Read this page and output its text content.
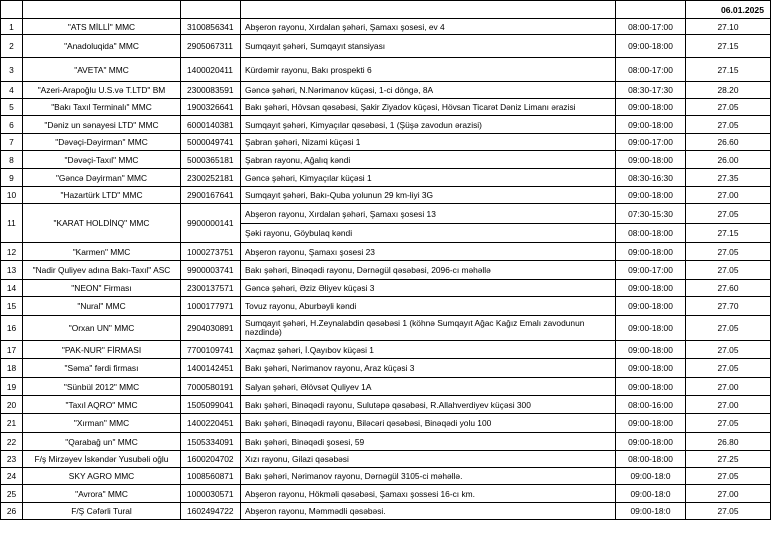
					06.01.2025
1	"ATS MİLLİ" MMC	3100856341	Abşeron rayonu, Xırdalan şəhəri, Şamaxı şosesi, ev 4	08:00-17:00	27.10
2	"Anadoluqida" MMC	2905067311	Sumqayıt şəhəri, Sumqayıt stansiyası	09:00-18:00	27.15
3	"AVETA" MMC	1400020411	Kürdəmir rayonu, Bakı prospekti 6	08:00-17:00	27.15
4	"Azeri-Arapoğlu U.S.və T.LTD" BM	2300083591	Gəncə şəhəri, N.Nərimanov küçəsi, 1-ci döngə, 8A	08:30-17:30	28.20
5	"Bakı Taxıl Terminalı" MMC	1900326641	Bakı şəhəri, Hövsan qəsəbəsi, Şakir Ziyadov küçəsi, Hövsan Ticarət Dəniz Limanı ərazisi	09:00-18:00	27.05
6	"Dəniz un sənayesi LTD" MMC	6000140381	Sumqayıt şəhəri, Kimyaçılar qəsəbəsi, 1 (Şüşə zavodun ərazisi)	09:00-18:00	27.05
7	"Dəvəçi-Dəyirman" MMC	5000049741	Şabran şəhəri, Nizami küçəsi 1	09:00-17:00	26.60
8	"Dəvəçi-Taxıl" MMC	5000365181	Şabran rayonu, Ağalıq kəndi	09:00-18:00	26.00
9	"Gəncə Dəyirman" MMC	2300252181	Gəncə şəhəri, Kimyaçılar küçəsi 1	08:30-16:30	27.35
10	"Hazartürk LTD" MMC	2900167641	Sumqayıt şəhəri, Bakı-Quba yolunun 29 km-liyi 3G	09:00-18:00	27.00
11	"KARAT HOLDİNQ" MMC	9900000141	Abşeron rayonu, Xırdalan şəhəri, Şamaxı şosesi 13	07:30-15:30	27.05
			Şəki rayonu, Göybulaq kəndi	08:00-18:00	27.15
12	"Karmen" MMC	1000273751	Abşeron rayonu, Şamaxı şosesi 23	09:00-18:00	27.05
13	"Nadir Quliyev adına Bakı-Taxıl" ASC	9900003741	Bakı şəhəri, Binəqədi rayonu, Dərnəgül qəsəbəsi, 2096-cı məhəllə	09:00-17:00	27.05
14	"NEON" Firması	2300137571	Gəncə şəhəri, Əziz Əliyev küçəsi 3	09:00-18:00	27.60
15	"Nural" MMC	1000177971	Tovuz rayonu, Aburbəyli kəndi	09:00-18:00	27.70
16	"Orxan UN" MMC	2904030891	Sumqayıt şəhəri, H.Zeynalabdin qəsəbəsi 1 (köhnə Sumqayıt Ağac Kağız Emalı zavodunun nəzdində)	09:00-18:00	27.05
17	"PAK-NUR" FİRMASI	7700109741	Xaçmaz şəhəri, İ.Qayıbov küçəsi 1	09:00-18:00	27.05
18	"Səma" fərdi firması	1400142451	Bakı şəhəri, Nərimanov rayonu, Araz küçəsi 3	09:00-18:00	27.05
19	"Sünbül 2012" MMC	7000580191	Salyan şəhəri, Əlövsət Quliyev 1A	09:00-18:00	27.00
20	"Taxıl AQRO" MMC	1505099041	Bakı şəhəri, Binəqədi rayonu, Sulutəpə qəsəbəsi, R.Allahverdiyev küçəsi 300	08:00-16:00	27.00
21	"Xırman" MMC	1400220451	Bakı şəhəri, Binəqədi rayonu, Biləcəri qəsəbəsi, Binəqədi yolu 100	09:00-18:00	27.05
22	"Qarabağ un" MMC	1505334091	Bakı şəhəri, Binəqədi şosesi, 59	09:00-18:00	26.80
23	F/ş Mirzəyev İskəndər Yusubəli oğlu	1600204702	Xızı rayonu, Gilazi qəsəbəsi	08:00-18:00	27.25
24	SKY AGRO MMC	1008560871	Bakı şəhəri, Nərimanov rayonu, Dərnəgül 3105-ci məhəllə.	09:00-18:0	27.05
25	"Avrora" MMC	1000030571	Abşeron rayonu, Hökməli qəsəbəsi, Şamaxı şossesi 16-cı km.	09:00-18:0	27.00
26	F/Ş Cəfərli Tural	1602494722	Abşeron rayonu, Məmmədli qəsəbəsi.	09:00-18:0	27.05
